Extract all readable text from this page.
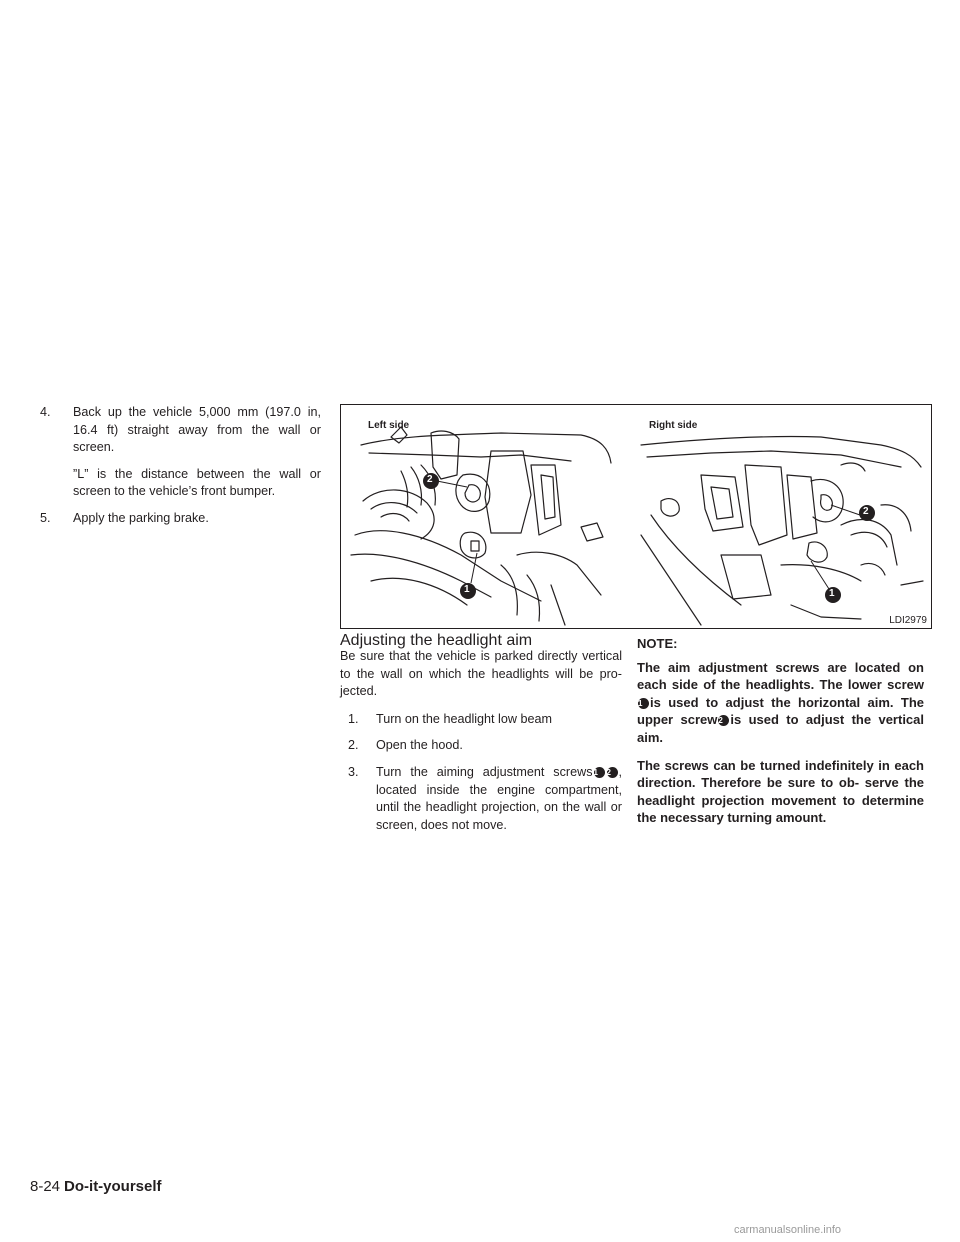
4. Back up the vehicle 5,000 mm (197.0 in, 16.4 ft) straight away from the wall or screen.

”L” is the distance between the wall or screen to the vehicle’s front bumper.

5. Apply the parking brake.

Left side	Right side
2
1
2
1
LDI2979
Adjusting the headlight aim

Be sure that the vehicle is parked directly vertical to the wall on which the headlights will be pro- jected.

1. Turn on the headlight low beam
2. Open the hood.
3. Turn the aiming adjustment screws1 2 , located inside the engine compartment, until the headlight projection, on the wall or screen, does not move.

NOTE:

The aim adjustment screws are located on each side of the headlights. The lower screw1 is used to adjust the horizontal aim. The upper screw2 is used to adjust the vertical aim.

The screws can be turned indefinitely in each direction. Therefore be sure to ob- serve the headlight projection movement to determine the necessary turning amount.

8-24 Do-it-yourself
carmanualsonline.info
